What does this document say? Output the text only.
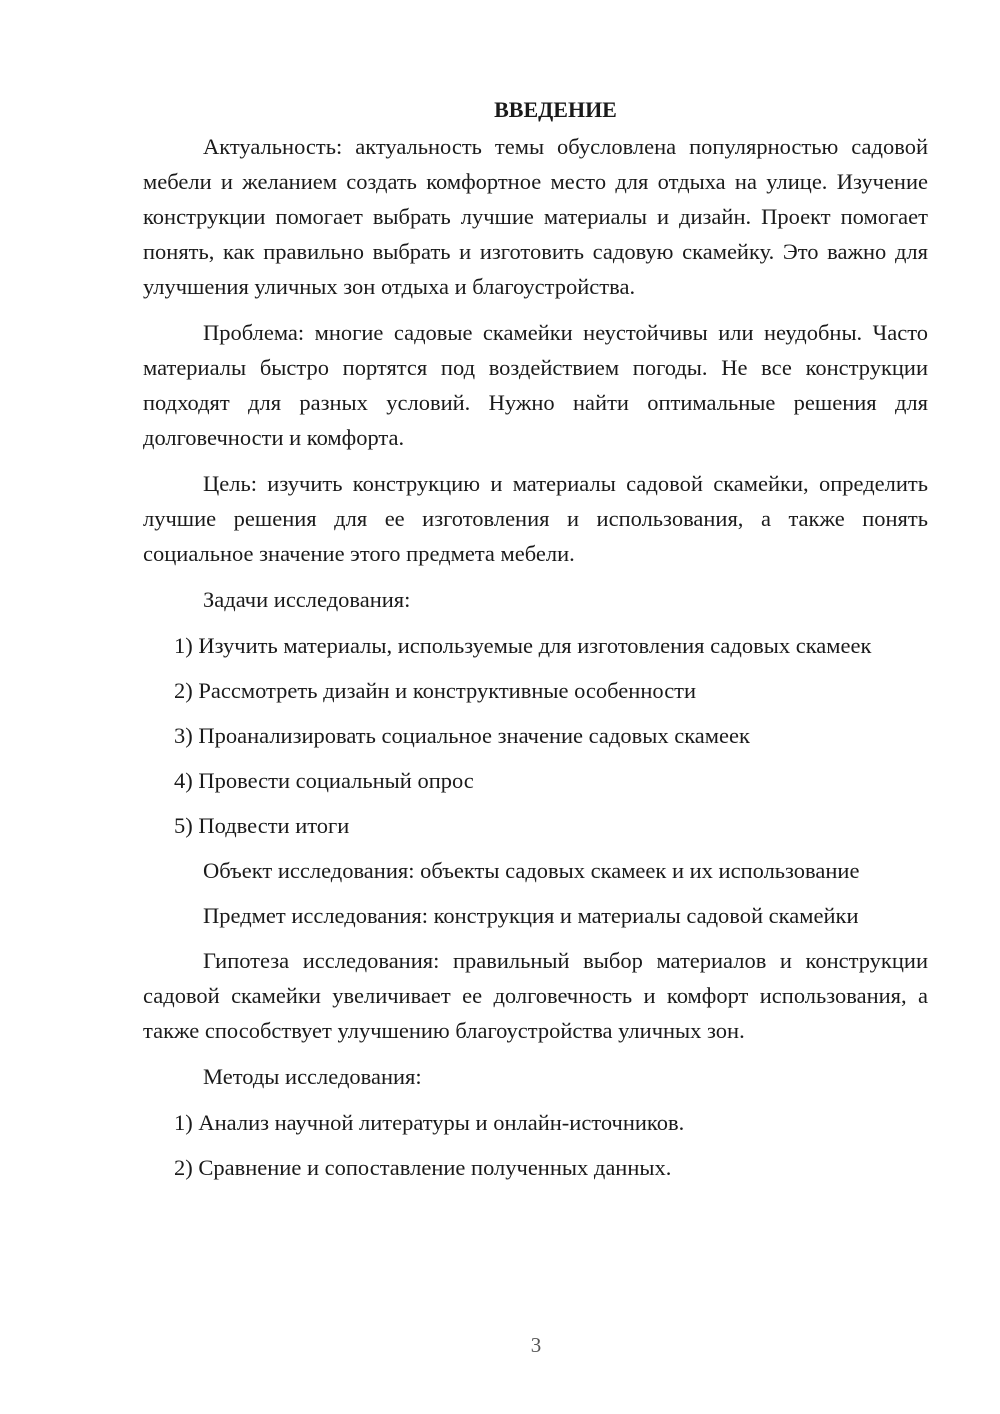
ВВЕДЕНИЕ

Актуальность: актуальность темы обусловлена популярностью садовой мебели и желанием создать комфортное место для отдыха на улице. Изучение конструкции помогает выбрать лучшие материалы и дизайн. Проект помогает понять, как правильно выбрать и изготовить садовую скамейку. Это важно для улучшения уличных зон отдыха и благоустройства.

Проблема: многие садовые скамейки неустойчивы или неудобны. Часто материалы быстро портятся под воздействием погоды. Не все конструкции подходят для разных условий. Нужно найти оптимальные решения для долговечности и комфорта.

Цель: изучить конструкцию и материалы садовой скамейки, определить лучшие решения для ее изготовления и использования, а также понять социальное значение этого предмета мебели.

Задачи исследования:

1) Изучить материалы, используемые для изготовления садовых скамеек

2) Рассмотреть дизайн и конструктивные особенности

3) Проанализировать социальное значение садовых скамеек

4) Провести социальный опрос

5) Подвести итоги

Объект исследования: объекты садовых скамеек и их использование

Предмет исследования: конструкция и материалы садовой скамейки

Гипотеза исследования: правильный выбор материалов и конструкции садовой скамейки увеличивает ее долговечность и комфорт использования, а также способствует улучшению благоустройства уличных зон.

Методы исследования:

1) Анализ научной литературы и онлайн-источников.

2) Сравнение и сопоставление полученных данных.

3
